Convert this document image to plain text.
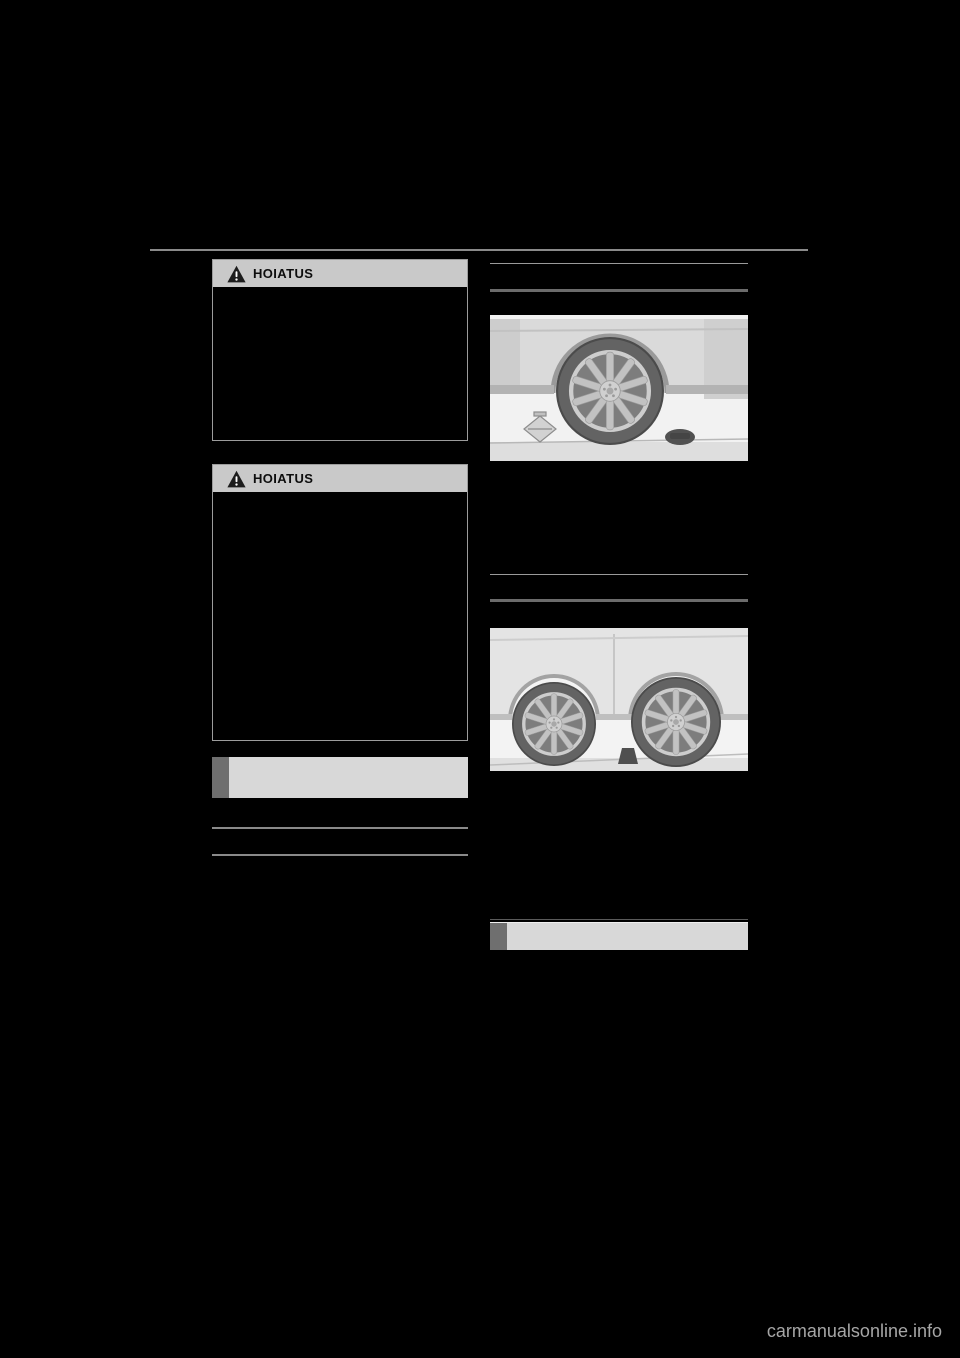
HOIATUS
HOIATUS
carmanualsonline.info
